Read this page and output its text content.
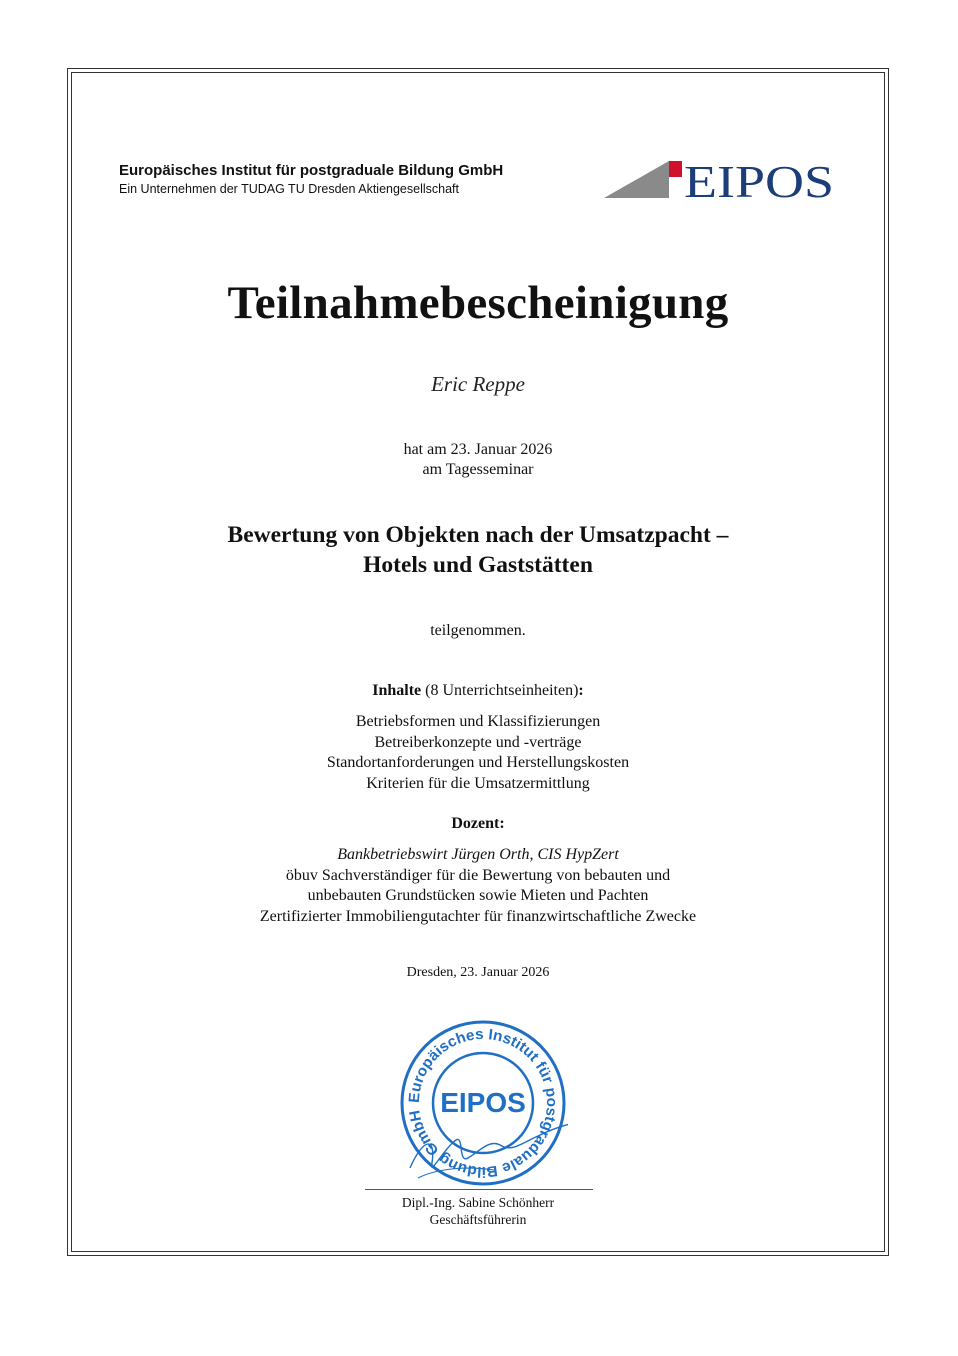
Europäisches Institut für postgraduale Bildung GmbH
Ein Unternehmen der TUDAG TU Dresden Aktiengesellschaft	EIPOS
Teilnahmebescheinigung
Eric Reppe
hat am 23. Januar 2026
am Tagesseminar
Bewertung von Objekten nach der Umsatzpacht –
Hotels und Gaststätten
teilgenommen.
Inhalte (8 Unterrichtseinheiten):
Betriebsformen und Klassifizierungen
Betreiberkonzepte und -verträge
Standortanforderungen und Herstellungskosten
Kriterien für die Umsatzermittlung
Dozent:
Bankbetriebswirt Jürgen Orth, CIS HypZert
öbuv Sachverständiger für die Bewertung von bebauten und
unbebauten Grundstücken sowie Mieten und Pachten
Zertifizierter Immobiliengutachter für finanzwirtschaftliche Zwecke
Dresden, 23. Januar 2026
Europäisches Institut für postgraduale Bildung GmbH EIPOS
Dipl.-Ing. Sabine Schönherr
Geschäftsführerin
